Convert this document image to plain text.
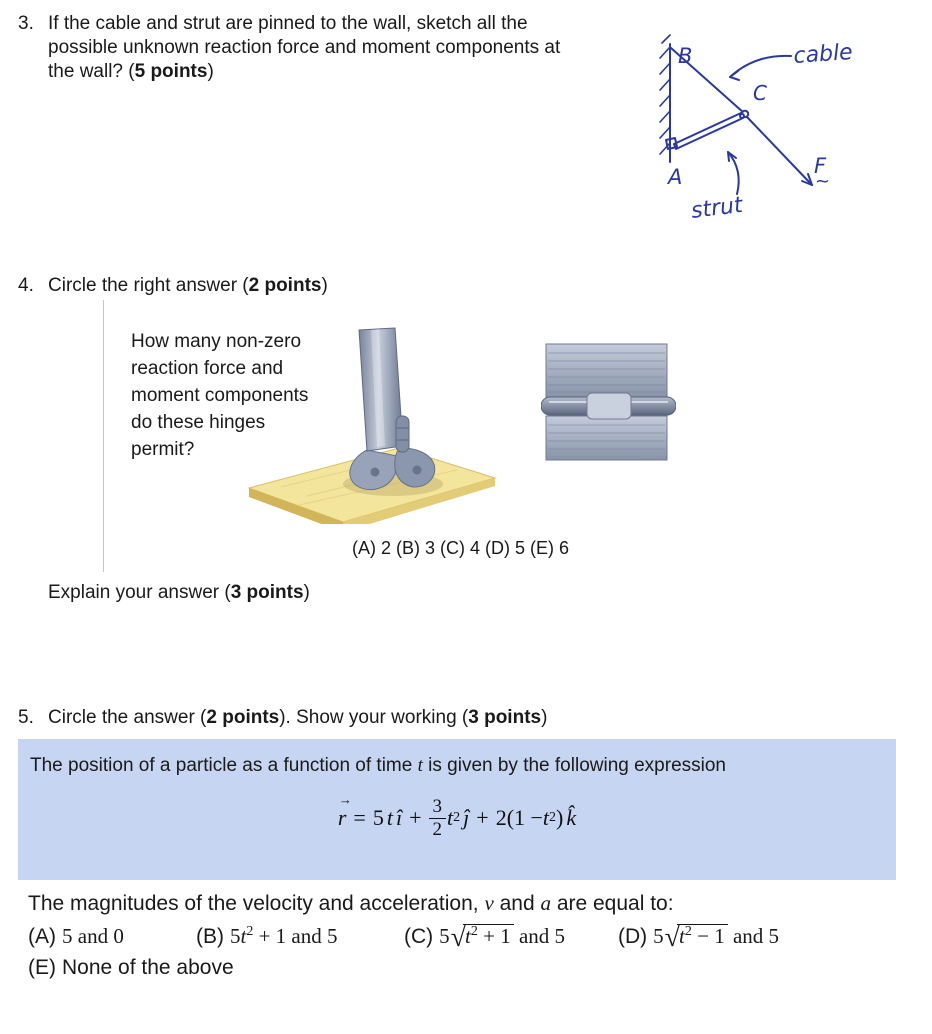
3. If the cable and strut are pinned to the wall, sketch all the
possible unknown reaction force and moment components at
the wall? (5 points)
B
C
A
cable
strut
F
~
4. Circle the right answer (2 points)
How many non-zero
reaction force and
moment components
do these hinges
permit?
(A) 2 (B) 3 (C) 4 (D) 5 (E) 6
Explain your answer (3 points)
5. Circle the answer (2 points). Show your working (3 points)
The position of a particle as a function of time t is given by the following expression
→
r = 5 t î + $\frac{3}{2}$ t 2 ĵ + 2(1 − t 2 ) k̂
The magnitudes of the velocity and acceleration, v and a are equal to:
(A) 5 and 0	(B) $5t^2 + 1$ and 5	(C) $5√t^2 + 1$ and 5	(D) $5√t^2 - 1$ and 5
(E) None of the above
